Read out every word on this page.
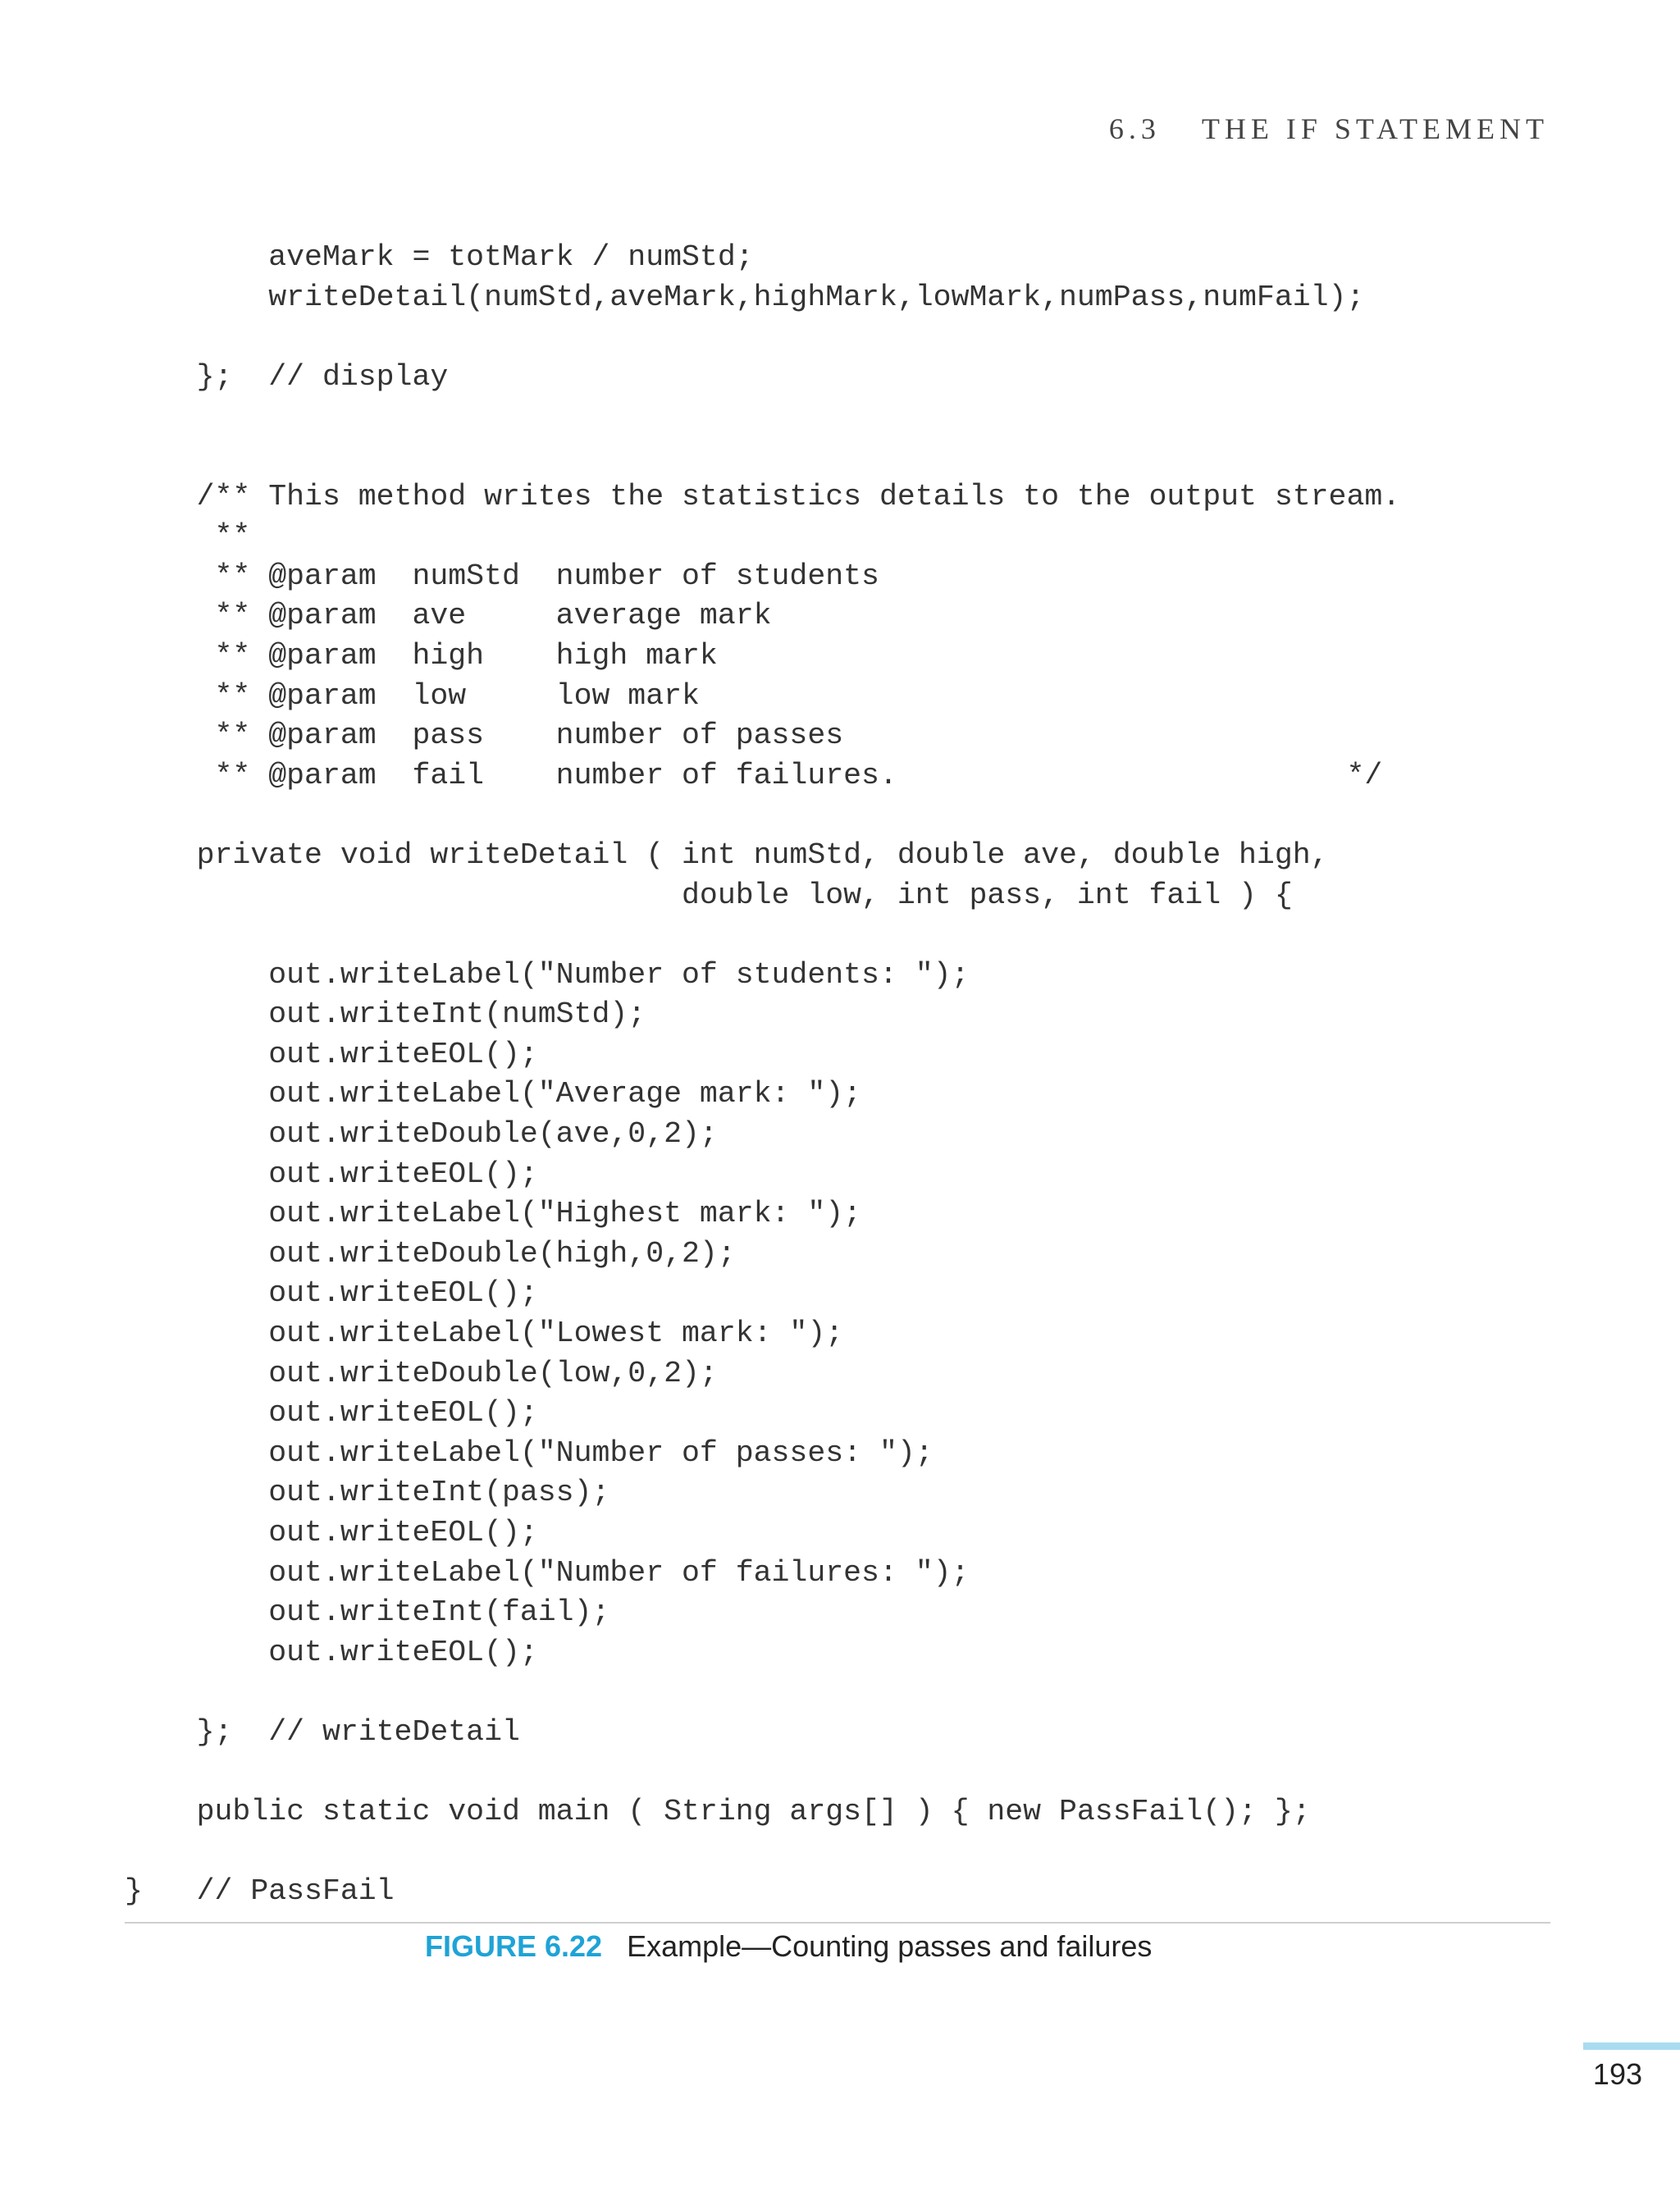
6.3 THE IF STATEMENT
aveMark = totMark / numStd;
writeDetail(numStd,aveMark,highMark,lowMark,numPass,numFail);
};  // display
/** This method writes the statistics details to the output stream.
**
** @param  numStd  number of students
** @param  ave     average mark
** @param  high    high mark
** @param  low     low mark
** @param  pass    number of passes
** @param  fail    number of failures.                         */
private void writeDetail ( int numStd, double ave, double high,
double low, int pass, int fail ) {
out.writeLabel("Number of students: ");
out.writeInt(numStd);
out.writeEOL();
out.writeLabel("Average mark: ");
out.writeDouble(ave,0,2);
out.writeEOL();
out.writeLabel("Highest mark: ");
out.writeDouble(high,0,2);
out.writeEOL();
out.writeLabel("Lowest mark: ");
out.writeDouble(low,0,2);
out.writeEOL();
out.writeLabel("Number of passes: ");
out.writeInt(pass);
out.writeEOL();
out.writeLabel("Number of failures: ");
out.writeInt(fail);
out.writeEOL();
};  // writeDetail
public static void main ( String args[] ) { new PassFail(); };
}   // PassFail
FIGURE 6.22 Example—Counting passes and failures
193
